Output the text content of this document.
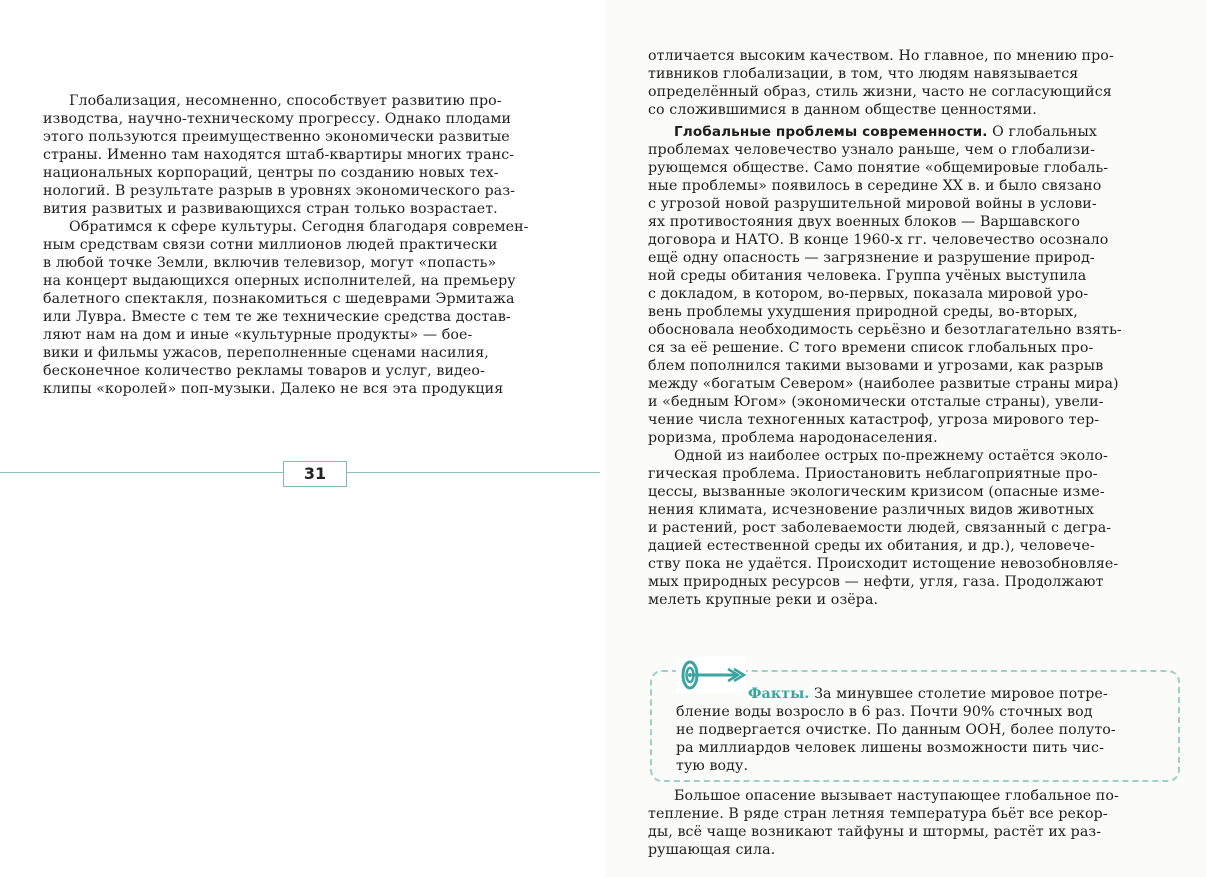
Глобализация, несомненно, способствует развитию про-
изводства, научно-техническому прогрессу. Однако плодами
этого пользуются преимущественно экономически развитые
страны. Именно там находятся штаб-квартиры многих транс-
национальных корпораций, центры по созданию новых тех-
нологий. В результате разрыв в уровнях экономического раз-
вития развитых и развивающихся стран только возрастает.
Обратимся к сфере культуры. Сегодня благодаря современ-
ным средствам связи сотни миллионов людей практически
в любой точке Земли, включив телевизор, могут «попасть»
на концерт выдающихся оперных исполнителей, на премьеру
балетного спектакля, познакомиться с шедеврами Эрмитажа
или Лувра. Вместе с тем те же технические средства достав-
ляют нам на дом и иные «культурные продукты» — бое-
вики и фильмы ужасов, переполненные сценами насилия,
бесконечное количество рекламы товаров и услуг, видео-
клипы «королей» поп-музыки. Далеко не вся эта продукция
31
отличается высоким качеством. Но главное, по мнению про-
тивников глобализации, в том, что людям навязывается
определённый образ, стиль жизни, часто не согласующийся
со сложившимися в данном обществе ценностями.
Глобальные проблемы современности. О глобальных
проблемах человечество узнало раньше, чем о глобализи-
рующемся обществе. Само понятие «общемировые глобаль-
ные проблемы» появилось в середине XX в. и было связано
с угрозой новой разрушительной мировой войны в услови-
ях противостояния двух военных блоков — Варшавского
договора и НАТО. В конце 1960-х гг. человечество осознало
ещё одну опасность — загрязнение и разрушение природ-
ной среды обитания человека. Группа учёных выступила
с докладом, в котором, во-первых, показала мировой уро-
вень проблемы ухудшения природной среды, во-вторых,
обосновала необходимость серьёзно и безотлагательно взять-
ся за её решение. С того времени список глобальных про-
блем пополнился такими вызовами и угрозами, как разрыв
между «богатым Севером» (наиболее развитые страны мира)
и «бедным Югом» (экономически отсталые страны), увели-
чение числа техногенных катастроф, угроза мирового тер-
роризма, проблема народонаселения.
Одной из наиболее острых по-прежнему остаётся эколо-
гическая проблема. Приостановить неблагоприятные про-
цессы, вызванные экологическим кризисом (опасные изме-
нения климата, исчезновение различных видов животных
и растений, рост заболеваемости людей, связанный с дегра-
дацией естественной среды их обитания, и др.), человече-
ству пока не удаётся. Происходит истощение невозобновляе-
мых природных ресурсов — нефти, угля, газа. Продолжают
мелеть крупные реки и озёра.
Большое опасение вызывает наступающее глобальное по-
тепление. В ряде стран летняя температура бьёт все рекор-
ды, всё чаще возникают тайфуны и штормы, растёт их раз-
рушающая сила.
Факты. За минувшее столетие мировое потре-
бление воды возросло в 6 раз. Почти 90% сточных вод
не подвергается очистке. По данным ООН, более полуто-
ра миллиардов человек лишены возможности пить чис-
тую воду.
